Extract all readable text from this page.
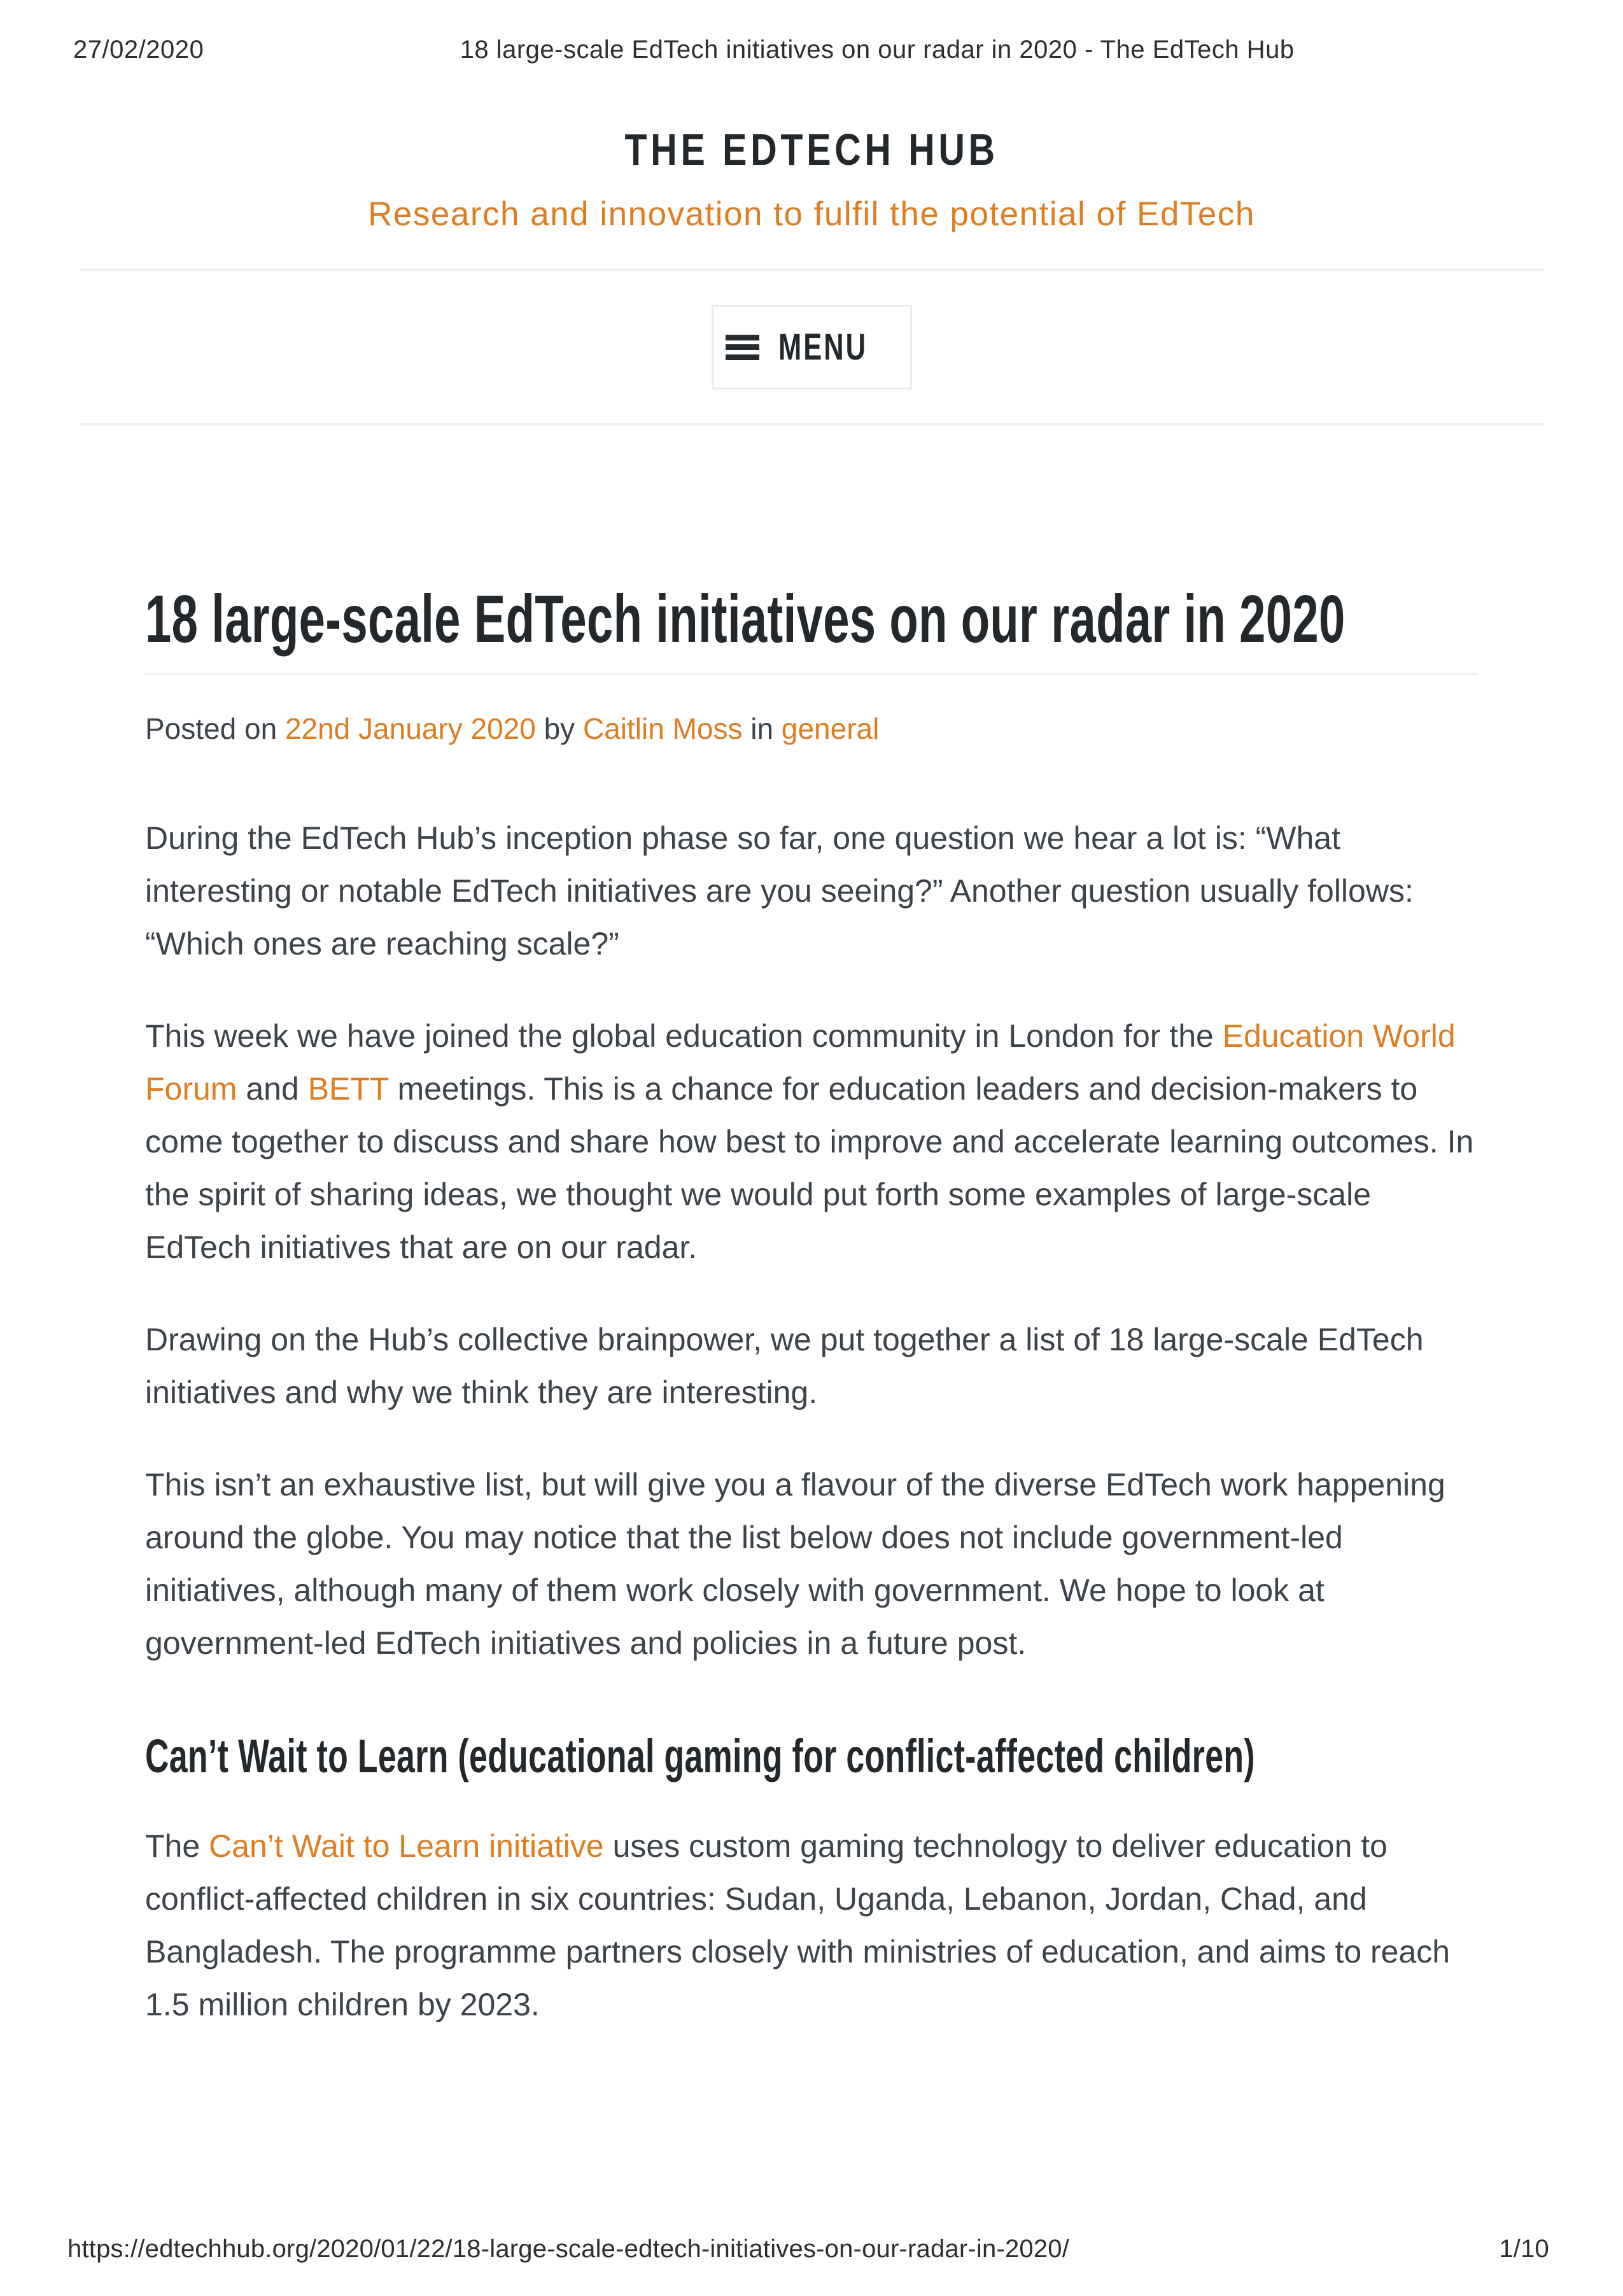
27/02/2020	18 large-scale EdTech initiatives on our radar in 2020 - The EdTech Hub
THE EDTECH HUB
Research and innovation to fulfil the potential of EdTech
MENU
18 large-scale EdTech initiatives on our radar in 2020
Posted on 22nd January 2020 by Caitlin Moss in general

During the EdTech Hub’s inception phase so far, one question we hear a lot is: “What interesting or notable EdTech initiatives are you seeing?” Another question usually follows: “Which ones are reaching scale?”

This week we have joined the global education community in London for the Education World Forum and BETT meetings. This is a chance for education leaders and decision-makers to come together to discuss and share how best to improve and accelerate learning outcomes. In the spirit of sharing ideas, we thought we would put forth some examples of large-scale EdTech initiatives that are on our radar.

Drawing on the Hub’s collective brainpower, we put together a list of 18 large-scale EdTech initiatives and why we think they are interesting.

This isn’t an exhaustive list, but will give you a flavour of the diverse EdTech work happening around the globe. You may notice that the list below does not include government-led initiatives, although many of them work closely with government. We hope to look at government-led EdTech initiatives and policies in a future post.

Can’t Wait to Learn (educational gaming for conflict-affected children)

The Can’t Wait to Learn initiative uses custom gaming technology to deliver education to conflict-affected children in six countries: Sudan, Uganda, Lebanon, Jordan, Chad, and Bangladesh. The programme partners closely with ministries of education, and aims to reach 1.5 million children by 2023.

https://edtechhub.org/2020/01/22/18-large-scale-edtech-initiatives-on-our-radar-in-2020/	1/10
